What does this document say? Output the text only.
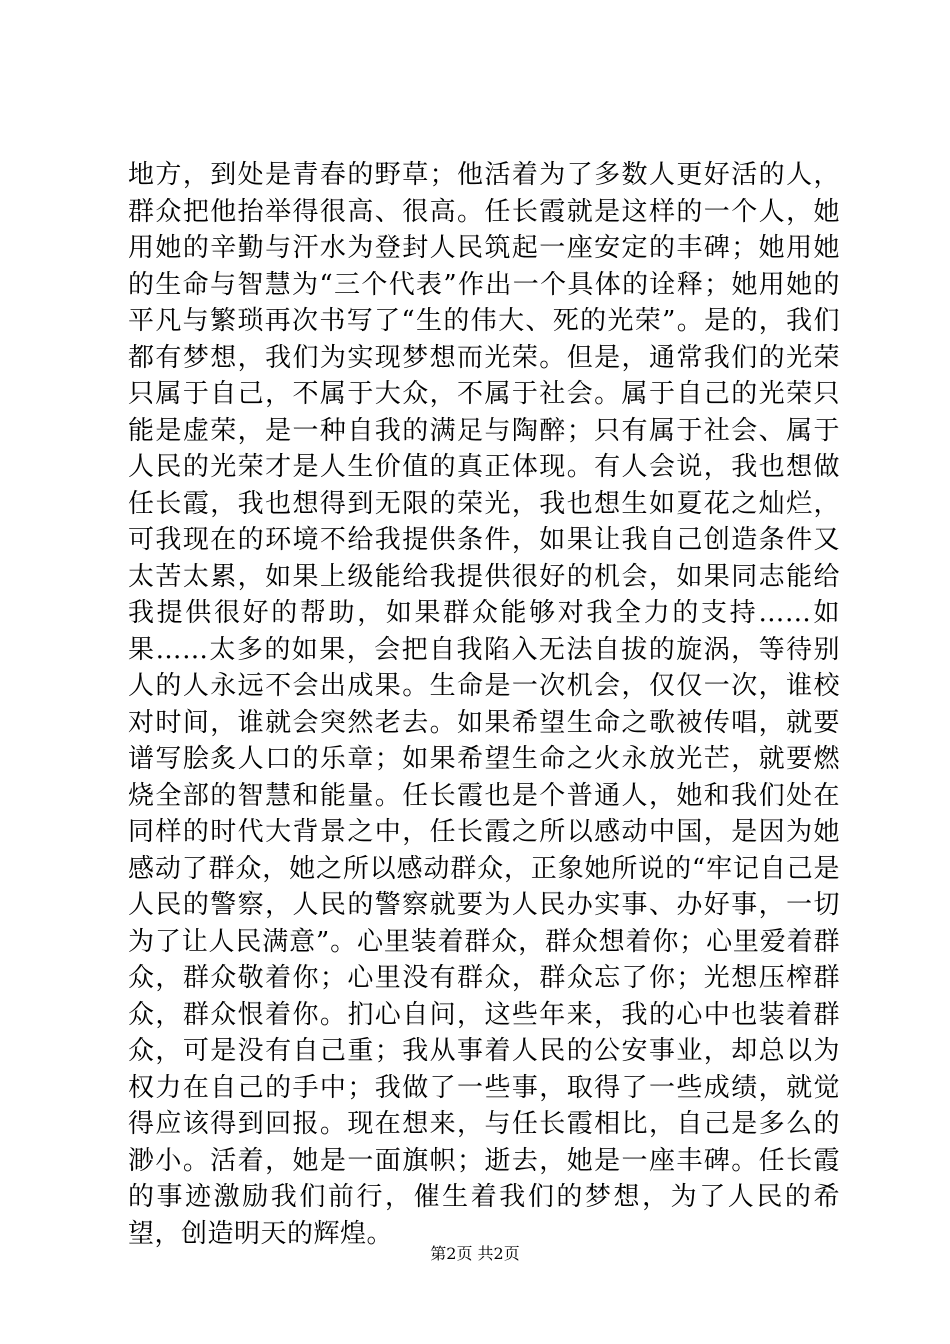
地方，到处是青春的野草；他活着为了多数人更好活的人，群众把他抬举得很高、很高。任长霞就是这样的一个人，她用她的辛勤与汗水为登封人民筑起一座安定的丰碑；她用她的生命与智慧为“三个代表”作出一个具体的诠释；她用她的平凡与繁琐再次书写了“生的伟大、死的光荣”。是的，我们都有梦想，我们为实现梦想而光荣。但是，通常我们的光荣只属于自己，不属于大众，不属于社会。属于自己的光荣只能是虚荣，是一种自我的满足与陶醉；只有属于社会、属于人民的光荣才是人生价值的真正体现。有人会说，我也想做任长霞，我也想得到无限的荣光，我也想生如夏花之灿烂，可我现在的环境不给我提供条件，如果让我自己创造条件又太苦太累，如果上级能给我提供很好的机会，如果同志能给我提供很好的帮助，如果群众能够对我全力的支持……如果……太多的如果，会把自我陷入无法自拔的旋涡，等待别人的人永远不会出成果。生命是一次机会，仅仅一次，谁校对时间，谁就会突然老去。如果希望生命之歌被传唱，就要谱写脍炙人口的乐章；如果希望生命之火永放光芒，就要燃烧全部的智慧和能量。任长霞也是个普通人，她和我们处在同样的时代大背景之中，任长霞之所以感动中国，是因为她感动了群众，她之所以感动群众，正象她所说的“牢记自己是人民的警察，人民的警察就要为人民办实事、办好事，一切为了让人民满意”。心里装着群众，群众想着你；心里爱着群众，群众敬着你；心里没有群众，群众忘了你；光想压榨群众，群众恨着你。扪心自问，这些年来，我的心中也装着群众，可是没有自己重；我从事着人民的公安事业，却总以为权力在自己的手中；我做了一些事，取得了一些成绩，就觉得应该得到回报。现在想来，与任长霞相比，自己是多么的渺小。活着，她是一面旗帜；逝去，她是一座丰碑。任长霞的事迹激励我们前行，催生着我们的梦想，为了人民的希望，创造明天的辉煌。

第2页 共2页
